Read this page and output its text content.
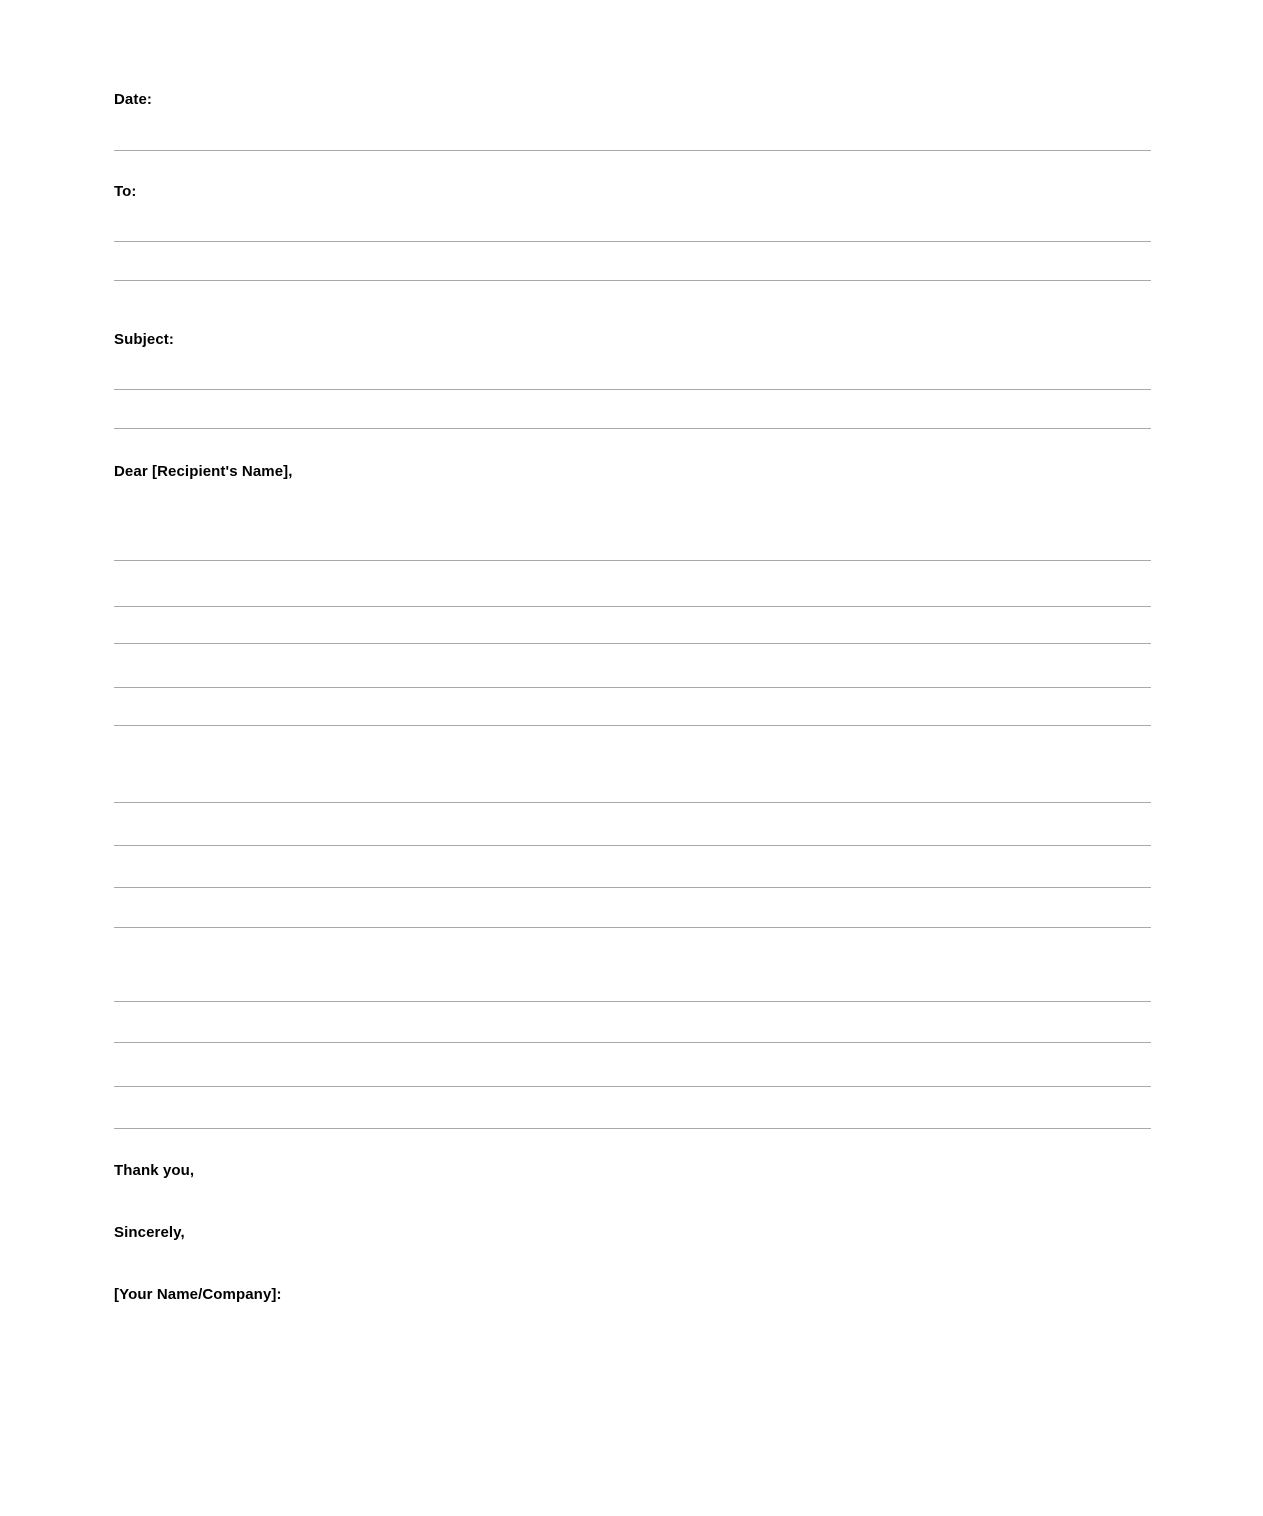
Date:
To:
Subject:
Dear [Recipient's Name],
Thank you,
Sincerely,
[Your Name/Company]:
